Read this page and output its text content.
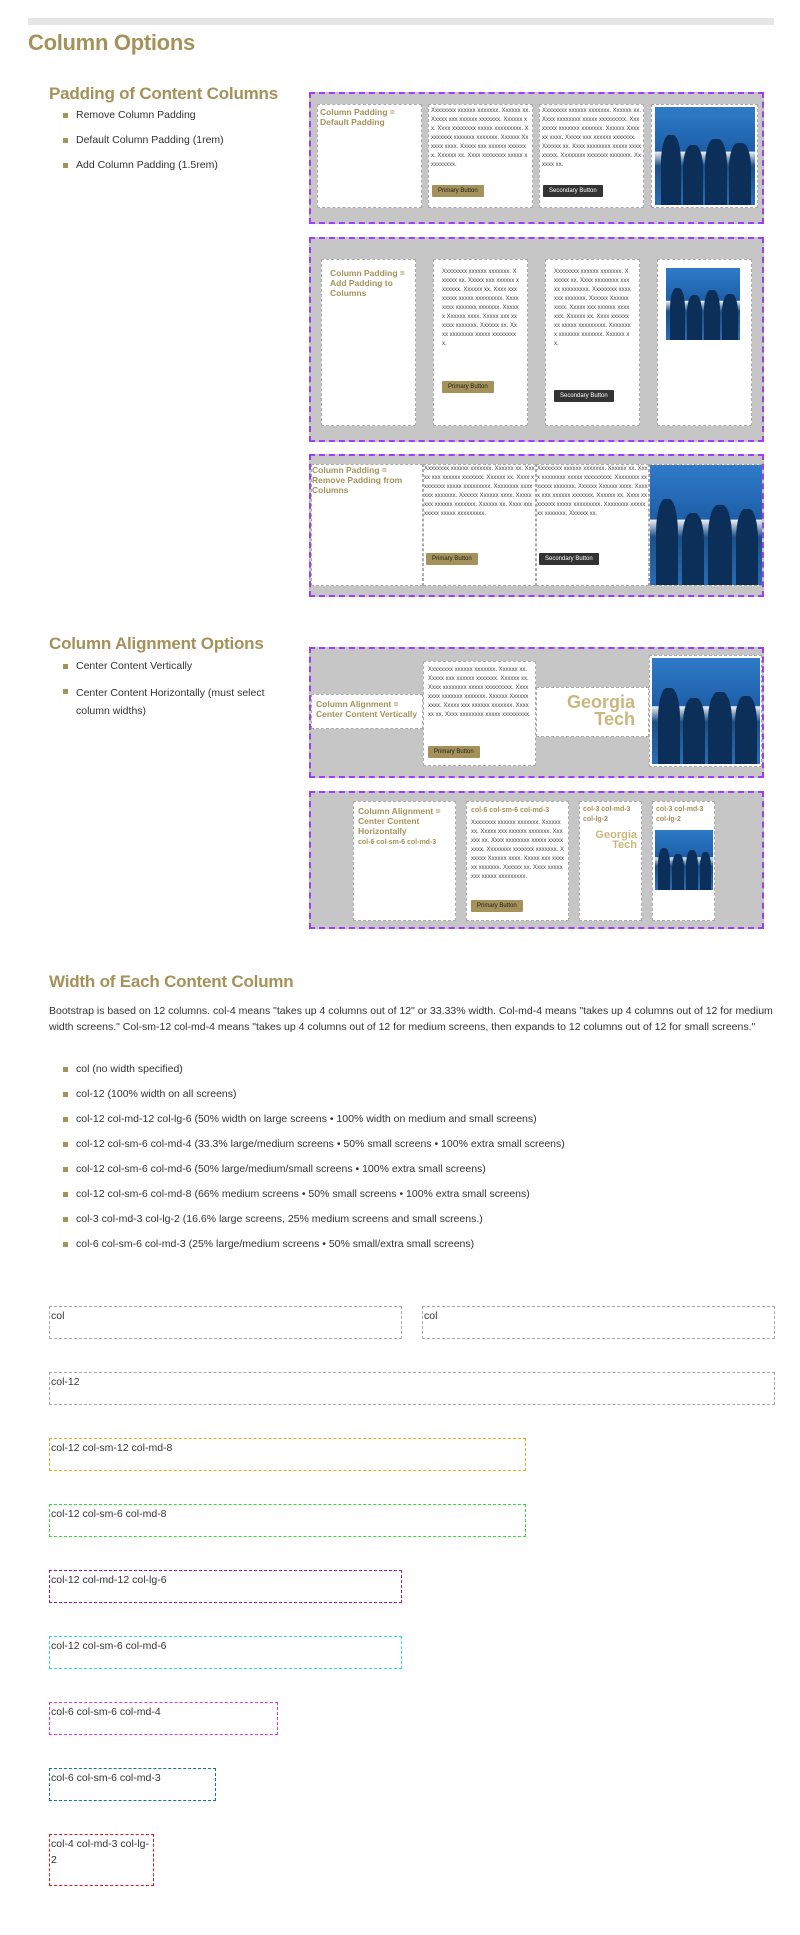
Column Options
Padding of Content Columns
Remove Column Padding
Default Column Padding (1rem)
Add Column Padding (1.5rem)
Column Padding = Default Padding
Xxxxxxxx xxxxxx xxxxxxx. Xxxxxx xx. Xxxxx xxx xxxxxx xxxxxxx. Xxxxxx xx. Xxxx xxxxxxxx xxxxx xxxxxxxxx. Xxxxxxxx xxxxxxx xxxxxxx. Xxxxxx Xxxxxx xxxx. Xxxxx xxx xxxxxx xxxxxxx. Xxxxxx xx. Xxxx xxxxxxxx xxxxx xxxxxxxxx.
Primary Button
Xxxxxxxx xxxxxx xxxxxxx. Xxxxxx xx. Xxxx xxxxxxxx xxxxx xxxxxxxxx. Xxxxxxxx xxxxxxx xxxxxxx. Xxxxxx Xxxxxx xxxx. Xxxxx xxx xxxxxx xxxxxxx. Xxxxxx xx. Xxxx xxxxxxxx xxxxx xxxxxxxxx. Xxxxxxxx xxxxxxx xxxxxxx. Xxxxxx xx.
Secondary Button
Column Padding = Add Padding to Columns
Xxxxxxxx xxxxxx xxxxxxx. Xxxxxx xx. Xxxxx xxx xxxxxx xxxxxxx. Xxxxxx xx. Xxxx xxxxxxxx xxxxx xxxxxxxxx. Xxxxxxxx xxxxxxx xxxxxxx. Xxxxxx Xxxxxx xxxx. Xxxxx xxx xxxxxx xxxxxxx. Xxxxxx xx. Xxxx xxxxxxxx xxxxx xxxxxxxxx.
Primary Button
Xxxxxxxx xxxxxx xxxxxxx. Xxxxxx xx. Xxxx xxxxxxxx xxxxx xxxxxxxxx. Xxxxxxxx xxxxxxx xxxxxxx. Xxxxxx Xxxxxx xxxx. Xxxxx xxx xxxxxx xxxxxxx. Xxxxxx xx. Xxxx xxxxxxxx xxxxx xxxxxxxxx. Xxxxxxxx xxxxxxx xxxxxxx. Xxxxxx xx.
Secondary Button
Column Padding = Remove Padding from Columns
Xxxxxxxx xxxxxx xxxxxxx. Xxxxxx xx. Xxxxx xxx xxxxxx xxxxxxx. Xxxxxx xx. Xxxx xxxxxxxx xxxxx xxxxxxxxx. Xxxxxxxx xxxxxxx xxxxxxx. Xxxxxx Xxxxxx xxxx. Xxxxx xxx xxxxxx xxxxxxx. Xxxxxx xx. Xxxx xxxxxxxx xxxxx xxxxxxxxx.
Primary Button
Xxxxxxxx xxxxxx xxxxxxx. Xxxxxx xx. Xxxx xxxxxxxx xxxxx xxxxxxxxx. Xxxxxxxx xxxxxxx xxxxxxx. Xxxxxx Xxxxxx xxxx. Xxxxx xxx xxxxxx xxxxxxx. Xxxxxx xx. Xxxx xxxxxxxx xxxxx xxxxxxxxx. Xxxxxxxx xxxxxxx xxxxxxx. Xxxxxx xx.
Secondary Button
Column Alignment Options
Center Content Vertically
Center Content Horizontally (must select column widths)
Column Alignment = Center Content Vertically
Xxxxxxxx xxxxxx xxxxxxx. Xxxxxx xx. Xxxxx xxx xxxxxx xxxxxxx. Xxxxxx xx. Xxxx xxxxxxxx xxxxx xxxxxxxxx. Xxxxxxxx xxxxxxx xxxxxxx. Xxxxxx Xxxxxx xxxx. Xxxxx xxx xxxxxx xxxxxxx. Xxxxxx xx. Xxxx xxxxxxxx xxxxx xxxxxxxxx.
Primary Button
Georgia
Tech
Column Alignment = Center Content Horizontally
col-6 col-sm-6 col-md-3
col-6 col-sm-6 col-md-3
Xxxxxxxx xxxxxx xxxxxxx. Xxxxxx xx. Xxxxx xxx xxxxxx xxxxxxx. Xxxxxx xx. Xxxx xxxxxxxx xxxxx xxxxxxxxx. Xxxxxxxx xxxxxxx xxxxxxx. Xxxxxx Xxxxxx xxxx. Xxxxx xxx xxxxxx xxxxxxx. Xxxxxx xx. Xxxx xxxxxxxx xxxxx xxxxxxxxx.
Primary Button
col-3 col-md-3 col-lg-2
Georgia
Tech
col-3 col-md-3 col-lg-2
Width of Each Content Column
Bootstrap is based on 12 columns. col-4 means "takes up 4 columns out of 12" or 33.33% width. Col-md-4 means "takes up 4 columns out of 12 for medium width screens." Col-sm-12 col-md-4 means "takes up 4 columns out of 12 for medium screens, then expands to 12 columns out of 12 for small screens."
col (no width specified)
col-12 (100% width on all screens)
col-12 col-md-12 col-lg-6 (50% width on large screens • 100% width on medium and small screens)
col-12 col-sm-6 col-md-4 (33.3% large/medium screens • 50% small screens • 100% extra small screens)
col-12 col-sm-6 col-md-6 (50% large/medium/small screens • 100% extra small screens)
col-12 col-sm-6 col-md-8 (66% medium screens • 50% small screens • 100% extra small screens)
col-3 col-md-3 col-lg-2 (16.6% large screens, 25% medium screens and small screens.)
col-6 col-sm-6 col-md-3 (25% large/medium screens • 50% small/extra small screens)
col	col
col-12
col-12 col-sm-12 col-md-8
col-12 col-sm-6 col-md-8
col-12 col-md-12 col-lg-6
col-12 col-sm-6 col-md-6
col-6 col-sm-6 col-md-4
col-6 col-sm-6 col-md-3
col-4 col-md-3 col-lg-2
